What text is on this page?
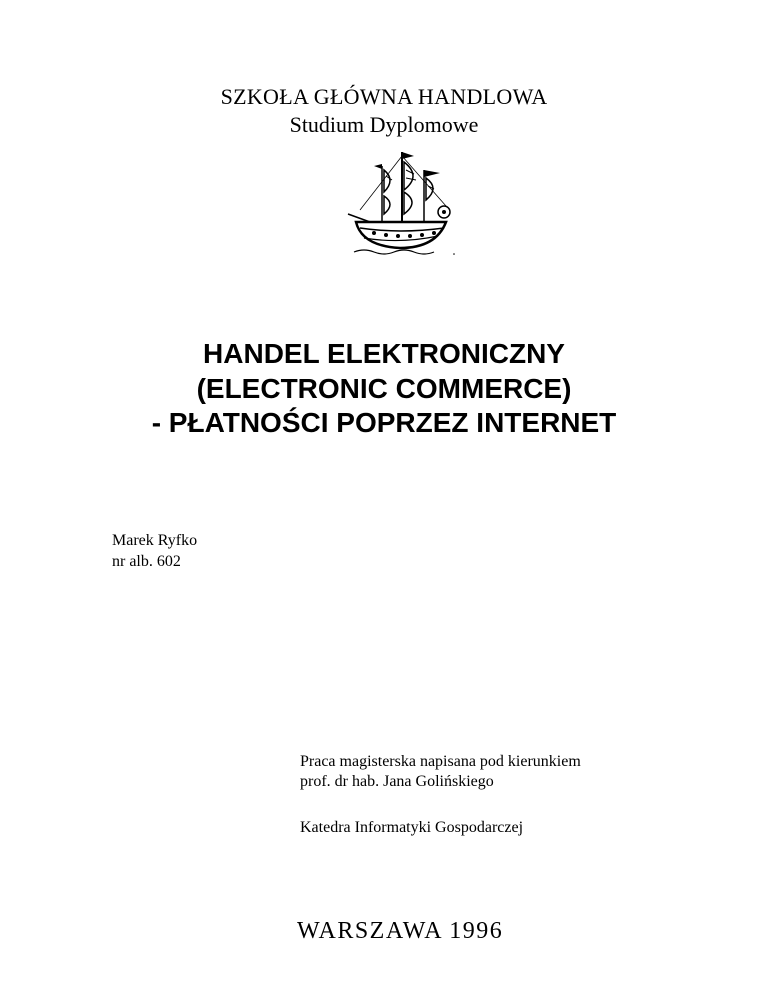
SZKOŁA GŁÓWNA HANDLOWA
Studium Dyplomowe
HANDEL ELEKTRONICZNY
(ELECTRONIC COMMERCE)
- PŁATNOŚCI POPRZEZ INTERNET
Marek Ryfko
nr alb. 602
Praca magisterska napisana pod kierunkiem
prof. dr hab. Jana Golińskiego
Katedra Informatyki Gospodarczej
WARSZAWA 1996
